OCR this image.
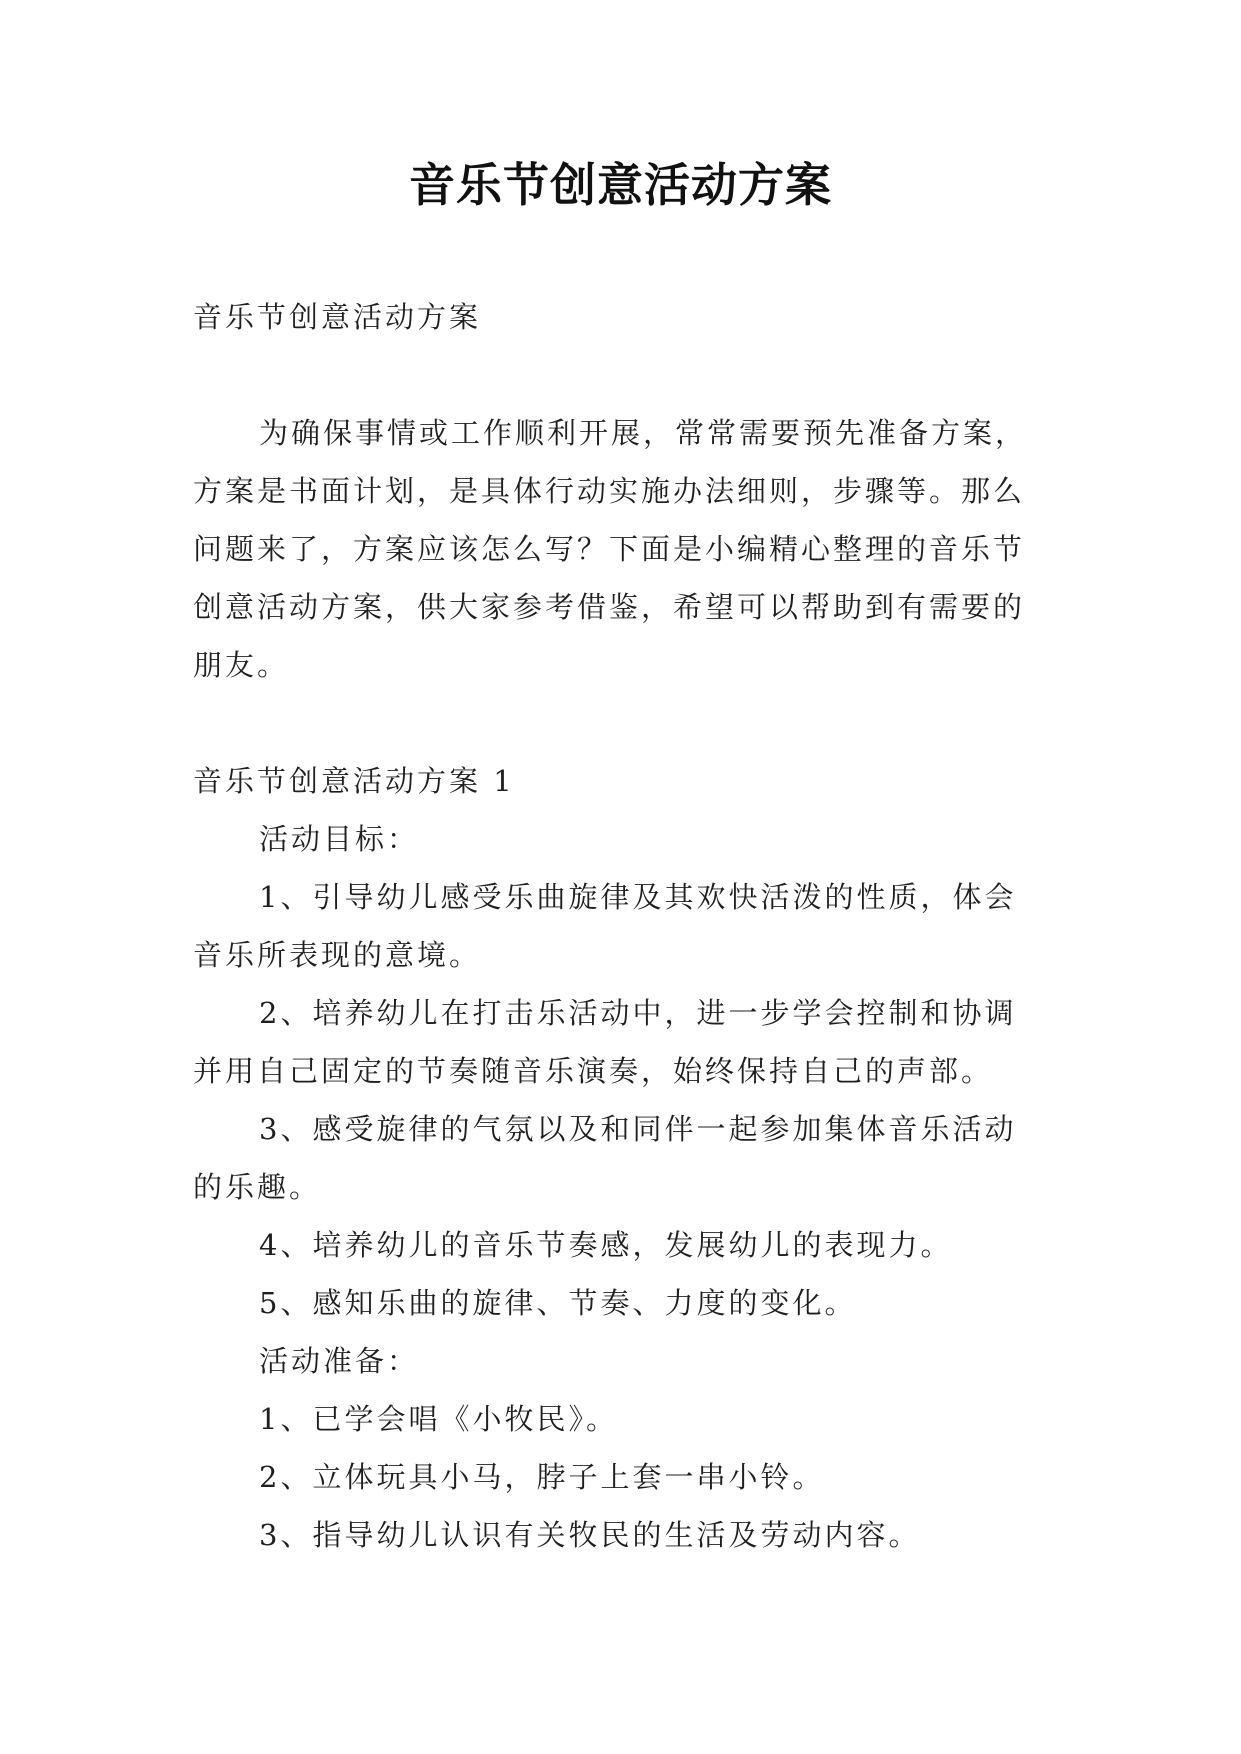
音乐节创意活动方案
音乐节创意活动方案
为确保事情或工作顺利开展，常常需要预先准备方案，
方案是书面计划，是具体行动实施办法细则，步骤等。那么
问题来了，方案应该怎么写？下面是小编精心整理的音乐节
创意活动方案，供大家参考借鉴，希望可以帮助到有需要的
朋友。
音乐节创意活动方案 1
活动目标：
1、引导幼儿感受乐曲旋律及其欢快活泼的性质，体会
音乐所表现的意境。
2、培养幼儿在打击乐活动中，进一步学会控制和协调
并用自己固定的节奏随音乐演奏，始终保持自己的声部。
3、感受旋律的气氛以及和同伴一起参加集体音乐活动
的乐趣。
4、培养幼儿的音乐节奏感，发展幼儿的表现力。
5、感知乐曲的旋律、节奏、力度的变化。
活动准备：
1、已学会唱《小牧民》。
2、立体玩具小马，脖子上套一串小铃。
3、指导幼儿认识有关牧民的生活及劳动内容。
